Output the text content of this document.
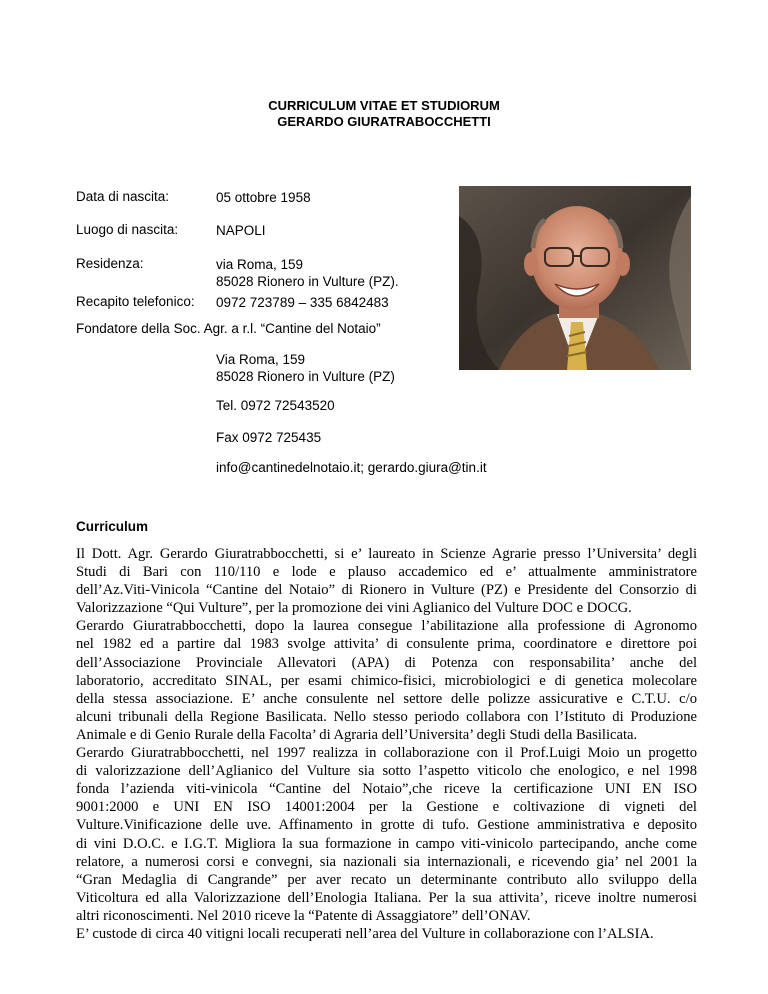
CURRICULUM VITAE ET STUDIORUM
GERARDO GIURATRABOCCHETTI
Data di nascita:	05 ottobre 1958
Luogo di nascita:	NAPOLI
Residenza:	via Roma, 159
85028 Rionero in Vulture (PZ).
Recapito telefonico: 0972 723789 – 335 6842483
Fondatore della Soc. Agr. a r.l. “Cantine del Notaio”
Via Roma, 159
85028 Rionero in Vulture (PZ)
Tel. 0972 72543520
Fax 0972 725435
info@cantinedelnotaio.it; gerardo.giura@tin.it
Curriculum
Il Dott. Agr. Gerardo Giuratrabbocchetti, si e’ laureato in Scienze Agrarie presso l’Universita’ degli
Studi di Bari con 110/110 e lode e plauso accademico ed e’ attualmente amministratore
dell’Az.Viti-Vinicola “Cantine del Notaio” di Rionero in Vulture (PZ) e Presidente del Consorzio di
Valorizzazione “Qui Vulture”, per la promozione dei vini Aglianico del Vulture DOC e DOCG.
Gerardo Giuratrabbocchetti, dopo la laurea consegue l’abilitazione alla professione di Agronomo
nel 1982 ed a partire dal 1983 svolge attivita’ di consulente prima, coordinatore e direttore poi
dell’Associazione Provinciale Allevatori (APA) di Potenza con responsabilita’ anche del
laboratorio, accreditato SINAL, per esami chimico-fisici, microbiologici e di genetica molecolare
della stessa associazione. E’ anche consulente nel settore delle polizze assicurative e C.T.U. c/o
alcuni tribunali della Regione Basilicata. Nello stesso periodo collabora con l’Istituto di Produzione
Animale e di Genio Rurale della Facolta’ di Agraria dell’Universita’ degli Studi della Basilicata.
Gerardo Giuratrabbocchetti, nel 1997 realizza in collaborazione con il Prof.Luigi Moio un progetto
di valorizzazione dell’Aglianico del Vulture sia sotto l’aspetto viticolo che enologico, e nel 1998
fonda l’azienda viti-vinicola “Cantine del Notaio”,che riceve la certificazione UNI EN ISO
9001:2000 e UNI EN ISO 14001:2004 per la Gestione e coltivazione di vigneti del
Vulture.Vinificazione delle uve. Affinamento in grotte di tufo. Gestione amministrativa e deposito
di vini D.O.C. e I.G.T. Migliora la sua formazione in campo viti-vinicolo partecipando, anche come
relatore, a numerosi corsi e convegni, sia nazionali sia internazionali, e ricevendo gia’ nel 2001 la
“Gran Medaglia di Cangrande” per aver recato un determinante contributo allo sviluppo della
Viticoltura ed alla Valorizzazione dell’Enologia Italiana. Per la sua attivita’, riceve inoltre numerosi
altri riconoscimenti. Nel 2010 riceve la “Patente di Assaggiatore” dell’ONAV.
E’ custode di circa 40 vitigni locali recuperati nell’area del Vulture in collaborazione con l’ALSIA.
